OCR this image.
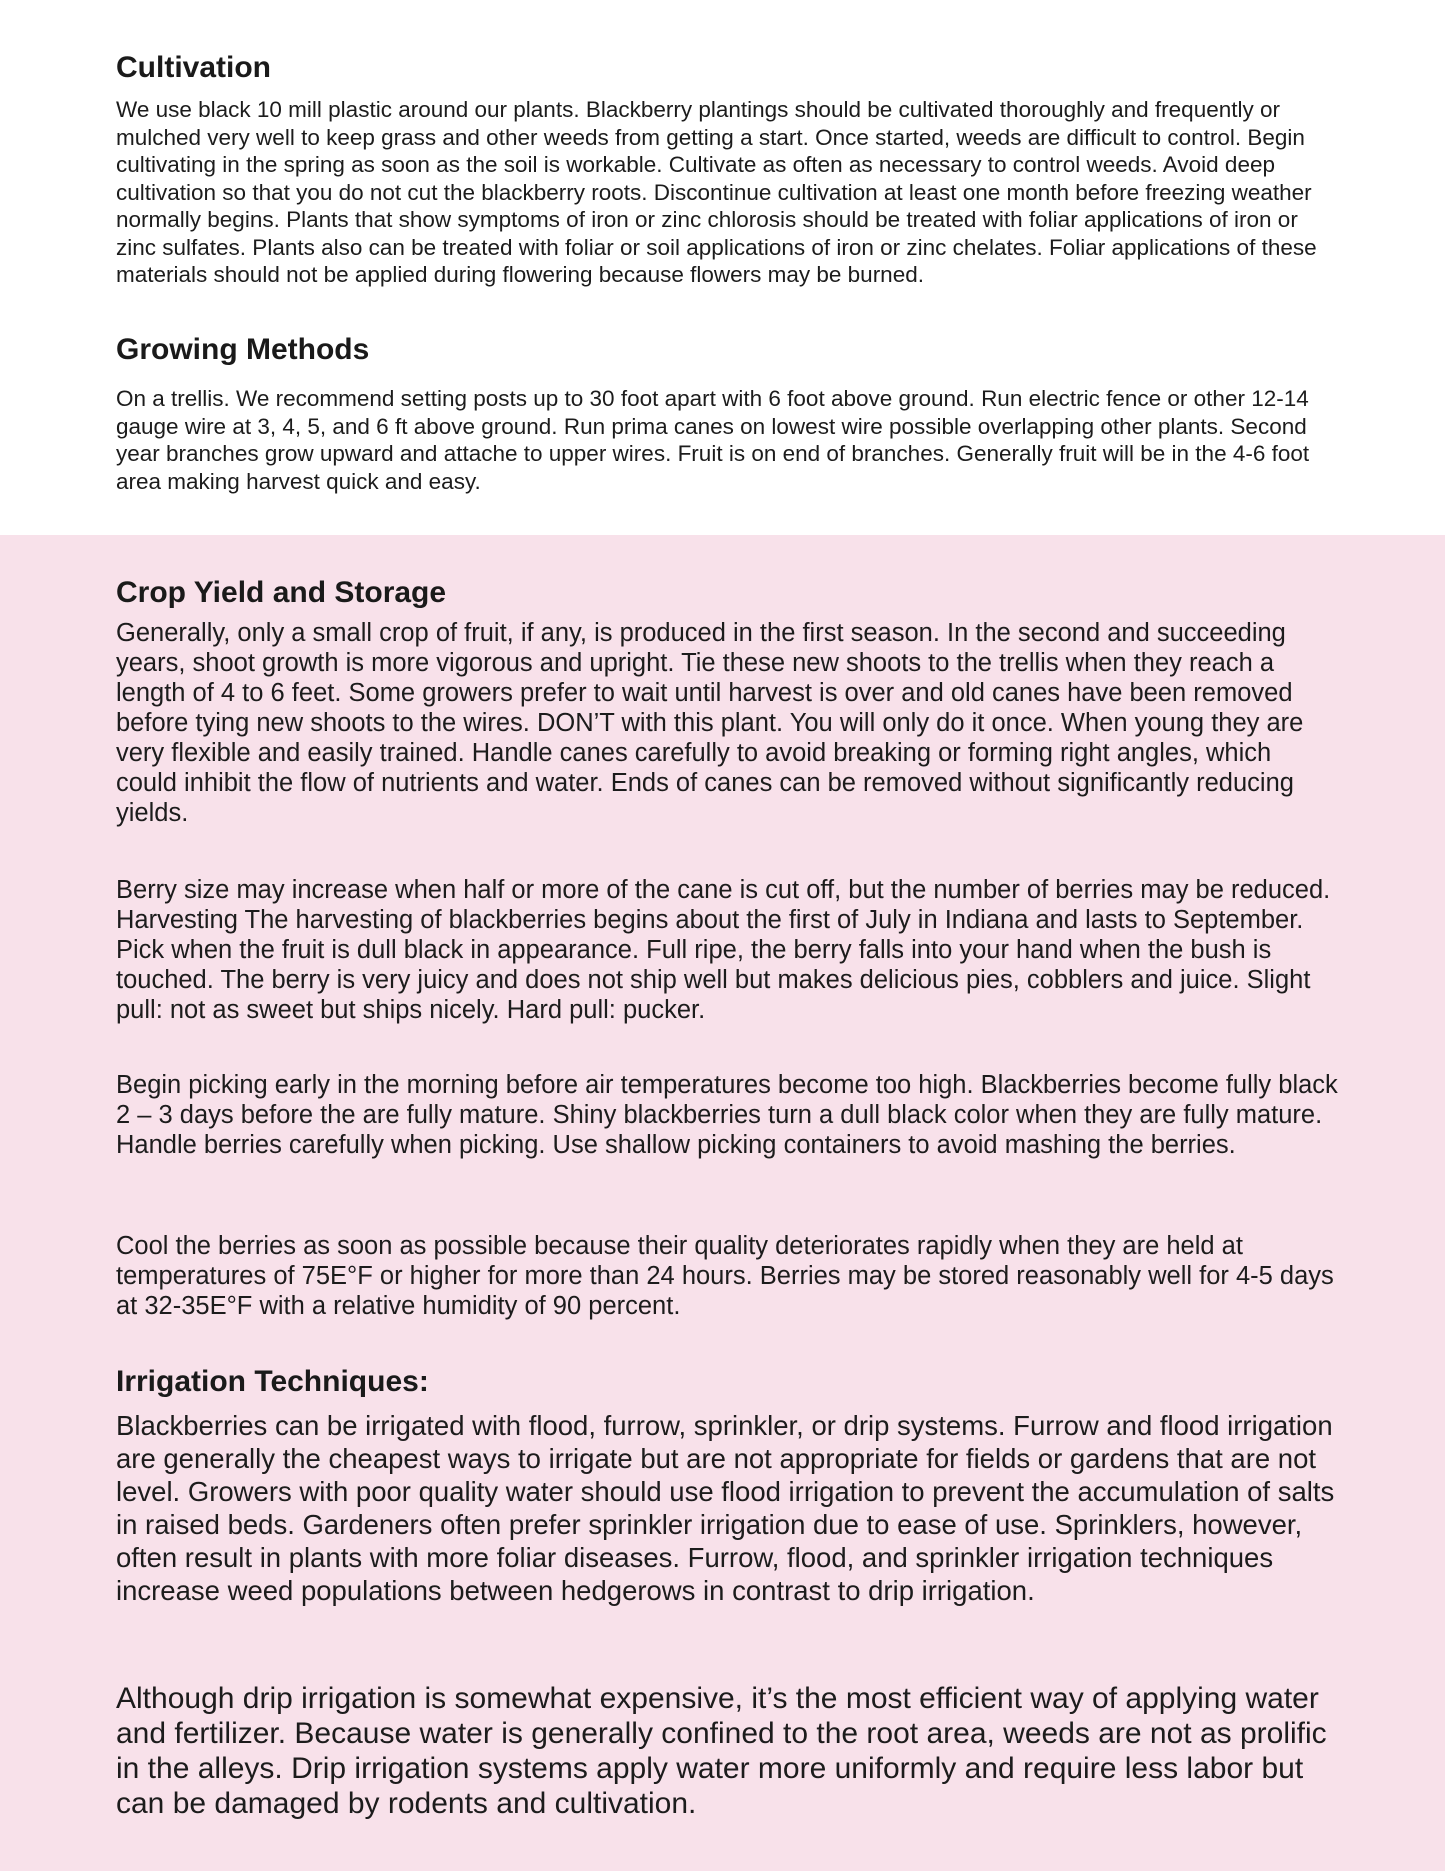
Cultivation

We use black 10 mill plastic around our plants. Blackberry plantings should be cultivated thoroughly and frequently or mulched very well to keep grass and other weeds from getting a start. Once started, weeds are difficult to control. Begin cultivating in the spring as soon as the soil is workable. Cultivate as often as necessary to control weeds. Avoid deep cultivation so that you do not cut the blackberry roots. Discontinue cultivation at least one month before freezing weather normally begins. Plants that show symptoms of iron or zinc chlorosis should be treated with foliar applications of iron or zinc sulfates. Plants also can be treated with foliar or soil applications of iron or zinc chelates. Foliar applications of these materials should not be applied during flowering because flowers may be burned.

Growing Methods

On a trellis. We recommend setting posts up to 30 foot apart with 6 foot above ground. Run electric fence or other 12-14 gauge wire at 3, 4, 5, and 6 ft above ground. Run prima canes on lowest wire possible overlapping other plants. Second year branches grow upward and attache to upper wires. Fruit is on end of branches. Generally fruit will be in the 4-6 foot area making harvest quick and easy.

Crop Yield and Storage

Generally, only a small crop of fruit, if any, is produced in the first season. In the second and succeeding years, shoot growth is more vigorous and upright. Tie these new shoots to the trellis when they reach a length of 4 to 6 feet. Some growers prefer to wait until harvest is over and old canes have been removed before tying new shoots to the wires. DON’T with this plant. You will only do it once. When young they are very flexible and easily trained. Handle canes carefully to avoid breaking or forming right angles, which could inhibit the flow of nutrients and water. Ends of canes can be removed without significantly reducing yields.

Berry size may increase when half or more of the cane is cut off, but the number of berries may be reduced. Harvesting The harvesting of blackberries begins about the first of July in Indiana and lasts to September. Pick when the fruit is dull black in appearance. Full ripe, the berry falls into your hand when the bush is touched. The berry is very juicy and does not ship well but makes delicious pies, cobblers and juice. Slight pull: not as sweet but ships nicely. Hard pull: pucker.

Begin picking early in the morning before air temperatures become too high. Blackberries become fully black 2 – 3 days before the are fully mature. Shiny blackberries turn a dull black color when they are fully mature. Handle berries carefully when picking. Use shallow picking containers to avoid mashing the berries.

Cool the berries as soon as possible because their quality deteriorates rapidly when they are held at temperatures of 75E°F or higher for more than 24 hours. Berries may be stored reasonably well for 4-5 days at 32-35E°F with a relative humidity of 90 percent.

Irrigation Techniques:

Blackberries can be irrigated with flood, furrow, sprinkler, or drip systems. Furrow and flood irrigation are generally the cheapest ways to irrigate but are not appropriate for fields or gardens that are not level. Growers with poor quality water should use flood irrigation to prevent the accumulation of salts in raised beds. Gardeners often prefer sprinkler irrigation due to ease of use. Sprinklers, however, often result in plants with more foliar diseases. Furrow, flood, and sprinkler irrigation techniques increase weed populations between hedgerows in contrast to drip irrigation.

Although drip irrigation is somewhat expensive, it’s the most efficient way of applying water and fertilizer. Because water is generally confined to the root area, weeds are not as prolific in the alleys. Drip irrigation systems apply water more uniformly and require less labor but can be damaged by rodents and cultivation.
